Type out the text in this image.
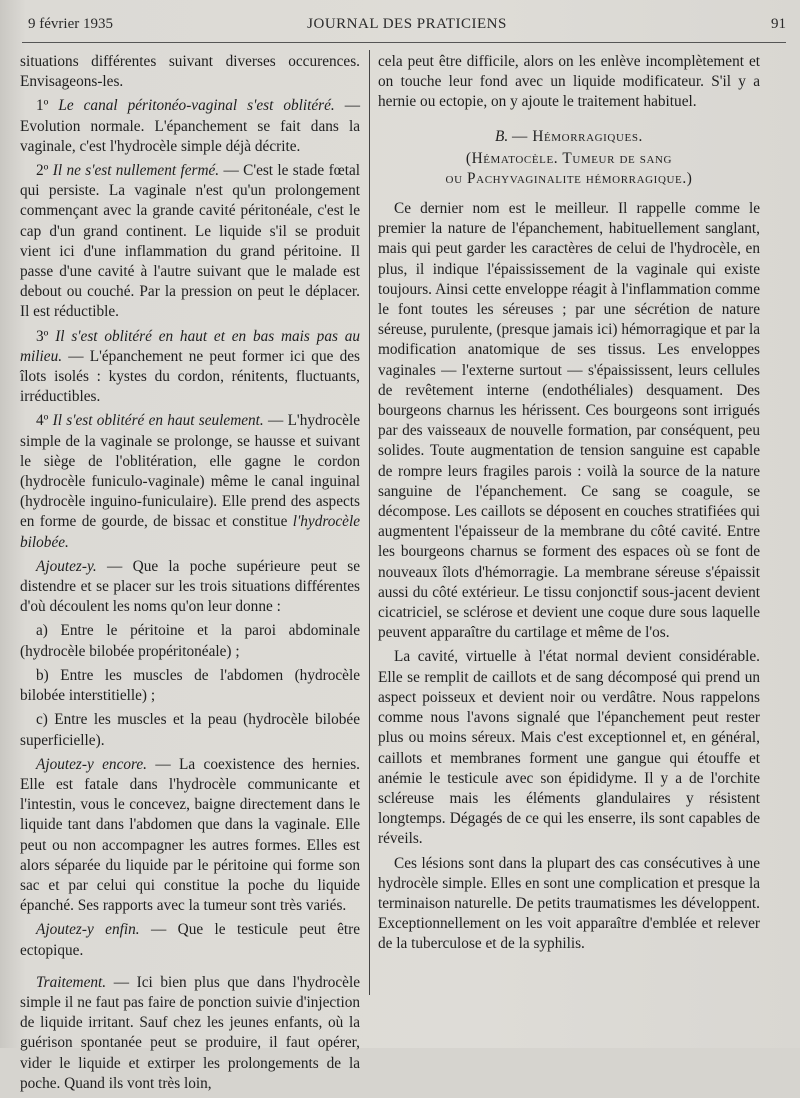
9 février 1935	JOURNAL DES PRATICIENS	91

situations différentes suivant diverses occurences. Envisageons-les.

1º Le canal péritonéo-vaginal s'est oblitéré. — Evolution normale. L'épanchement se fait dans la vaginale, c'est l'hydrocèle simple déjà décrite.

2º Il ne s'est nullement fermé. — C'est le stade fœtal qui persiste. La vaginale n'est qu'un prolongement commençant avec la grande cavité péritonéale, c'est le cap d'un grand continent. Le liquide s'il se produit vient ici d'une inflammation du grand péritoine. Il passe d'une cavité à l'autre suivant que le malade est debout ou couché. Par la pression on peut le déplacer. Il est réductible.

3º Il s'est oblitéré en haut et en bas mais pas au milieu. — L'épanchement ne peut former ici que des îlots isolés : kystes du cordon, rénitents, fluctuants, irréductibles.

4º Il s'est oblitéré en haut seulement. — L'hydrocèle simple de la vaginale se prolonge, se hausse et suivant le siège de l'oblitération, elle gagne le cordon (hydrocèle funiculo-vaginale) même le canal inguinal (hydrocèle inguino-funiculaire). Elle prend des aspects en forme de gourde, de bissac et constitue l'hydrocèle bilobée.

Ajoutez-y. — Que la poche supérieure peut se distendre et se placer sur les trois situations différentes d'où découlent les noms qu'on leur donne :

a) Entre le péritoine et la paroi abdominale (hydrocèle bilobée propéritonéale) ;

b) Entre les muscles de l'abdomen (hydrocèle bilobée interstitielle) ;

c) Entre les muscles et la peau (hydrocèle bilobée superficielle).

Ajoutez-y encore. — La coexistence des hernies. Elle est fatale dans l'hydrocèle communicante et l'intestin, vous le concevez, baigne directement dans le liquide tant dans l'abdomen que dans la vaginale. Elle peut ou non accompagner les autres formes. Elles est alors séparée du liquide par le péritoine qui forme son sac et par celui qui constitue la poche du liquide épanché. Ses rapports avec la tumeur sont très variés.

Ajoutez-y enfin. — Que le testicule peut être ectopique.

Traitement. — Ici bien plus que dans l'hydrocèle simple il ne faut pas faire de ponction suivie d'injection de liquide irritant. Sauf chez les jeunes enfants, où la guérison spontanée peut se produire, il faut opérer, vider le liquide et extirper les prolongements de la poche. Quand ils vont très loin,

cela peut être difficile, alors on les enlève incomplètement et on touche leur fond avec un liquide modificateur. S'il y a hernie ou ectopie, on y ajoute le traitement habituel.

B. — Hémorragiques.
(Hématocèle. Tumeur de sang
ou Pachyvaginalite hémorragique.)

Ce dernier nom est le meilleur. Il rappelle comme le premier la nature de l'épanchement, habituellement sanglant, mais qui peut garder les caractères de celui de l'hydrocèle, en plus, il indique l'épaississement de la vaginale qui existe toujours. Ainsi cette enveloppe réagit à l'inflammation comme le font toutes les séreuses ; par une sécrétion de nature séreuse, purulente, (presque jamais ici) hémorragique et par la modification anatomique de ses tissus. Les enveloppes vaginales — l'externe surtout — s'épaississent, leurs cellules de revêtement interne (endothéliales) desquament. Des bourgeons charnus les hérissent. Ces bourgeons sont irrigués par des vaisseaux de nouvelle formation, par conséquent, peu solides. Toute augmentation de tension sanguine est capable de rompre leurs fragiles parois : voilà la source de la nature sanguine de l'épanchement. Ce sang se coagule, se décompose. Les caillots se déposent en couches stratifiées qui augmentent l'épaisseur de la membrane du côté cavité. Entre les bourgeons charnus se forment des espaces où se font de nouveaux îlots d'hémorragie. La membrane séreuse s'épaissit aussi du côté extérieur. Le tissu conjonctif sous-jacent devient cicatriciel, se sclérose et devient une coque dure sous laquelle peuvent apparaître du cartilage et même de l'os.

La cavité, virtuelle à l'état normal devient considérable. Elle se remplit de caillots et de sang décomposé qui prend un aspect poisseux et devient noir ou verdâtre. Nous rappelons comme nous l'avons signalé que l'épanchement peut rester plus ou moins séreux. Mais c'est exceptionnel et, en général, caillots et membranes forment une gangue qui étouffe et anémie le testicule avec son épididyme. Il y a de l'orchite scléreuse mais les éléments glandulaires y résistent longtemps. Dégagés de ce qui les enserre, ils sont capables de réveils.

Ces lésions sont dans la plupart des cas consécutives à une hydrocèle simple. Elles en sont une complication et presque la terminaison naturelle. De petits traumatismes les développent. Exceptionnellement on les voit apparaître d'emblée et relever de la tuberculose et de la syphilis.
